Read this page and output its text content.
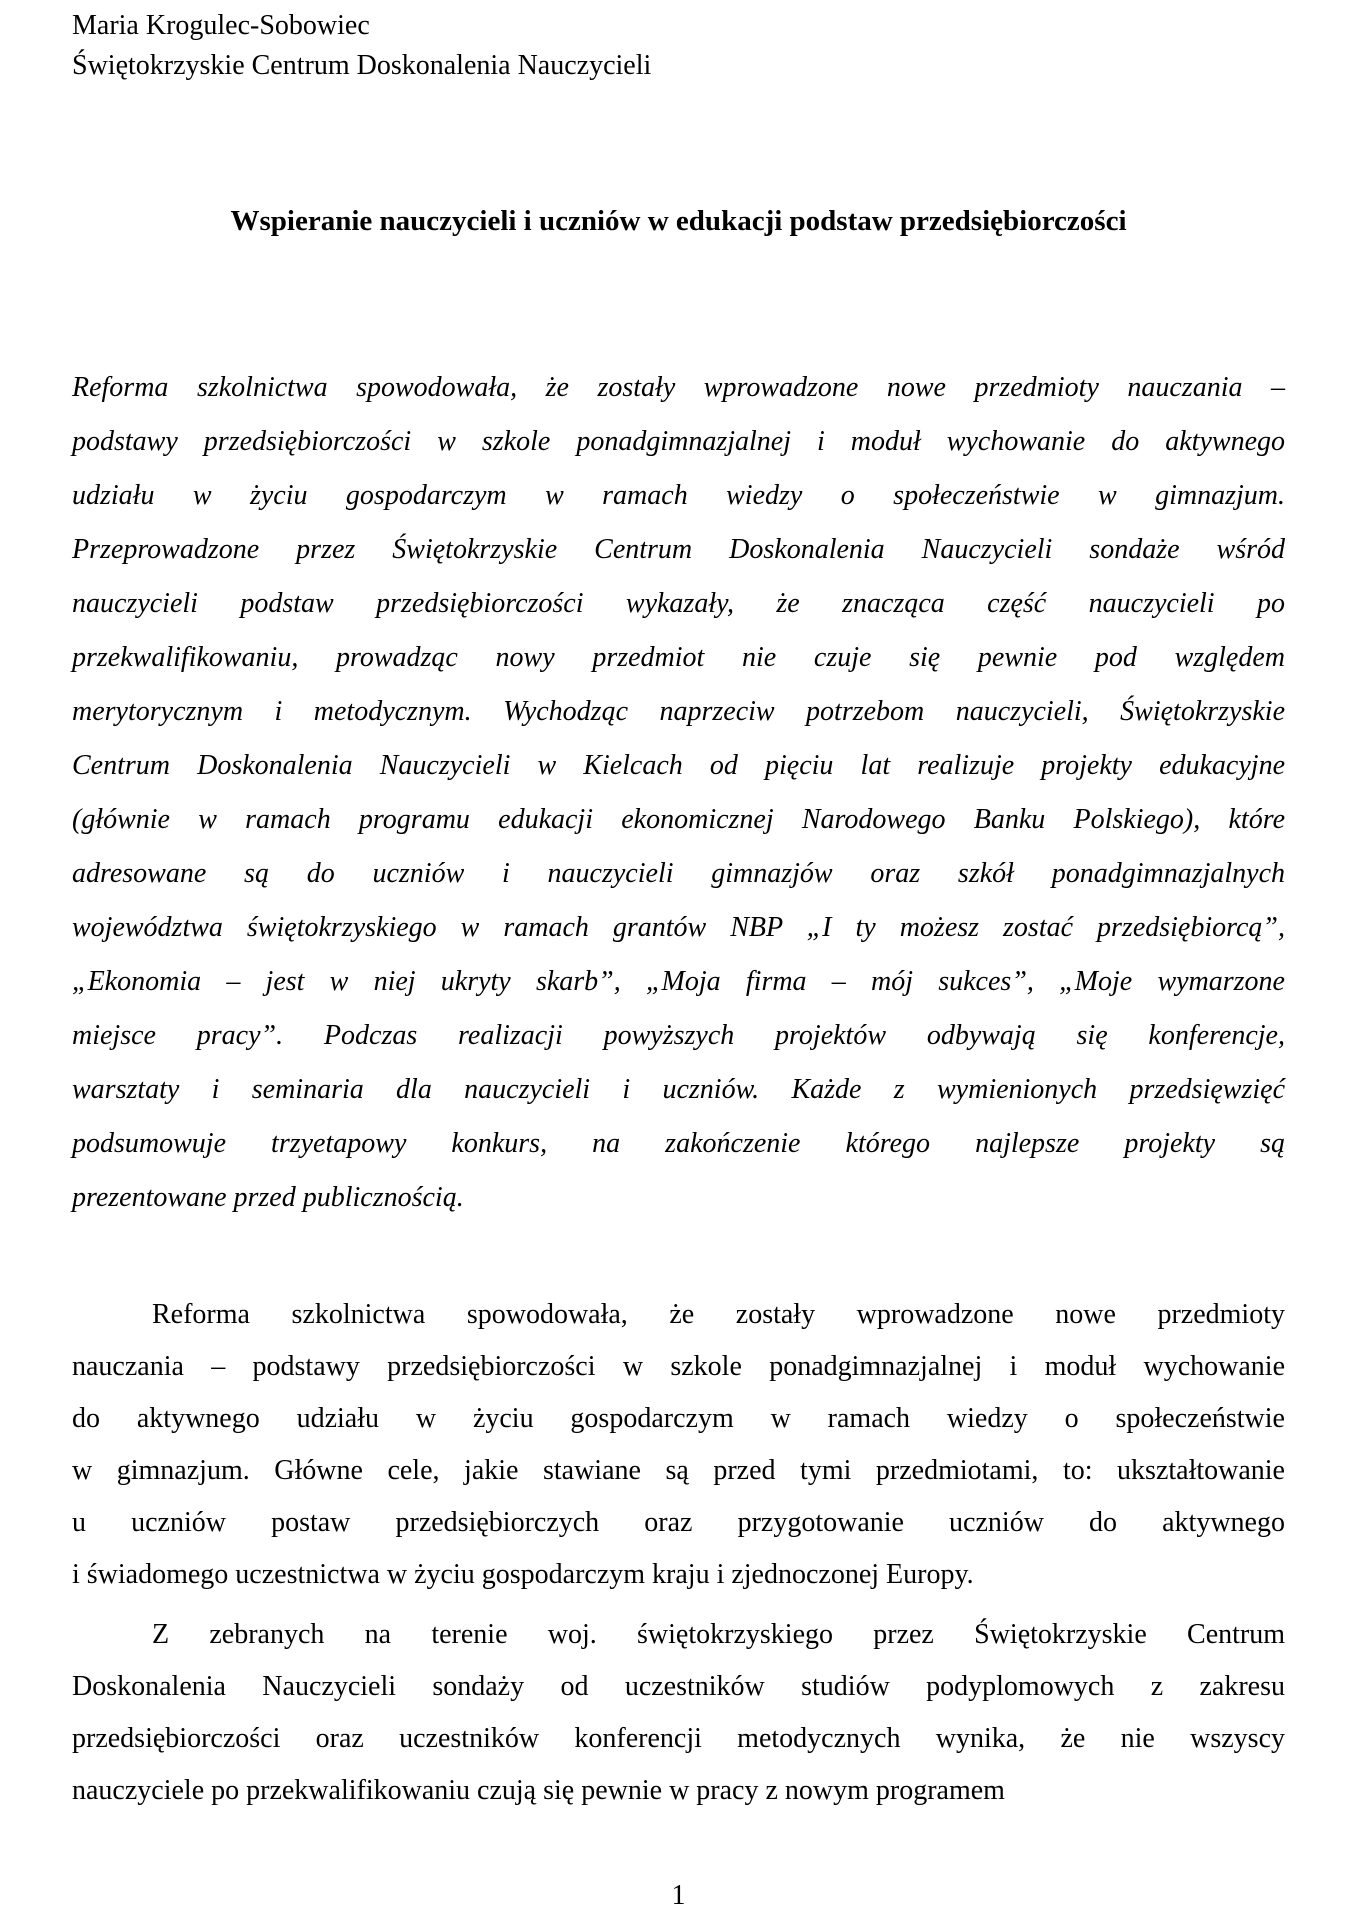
Maria Krogulec-Sobowiec
Świętokrzyskie Centrum Doskonalenia Nauczycieli
Wspieranie nauczycieli i uczniów w edukacji podstaw przedsiębiorczości
Reforma szkolnictwa spowodowała, że zostały wprowadzone nowe przedmioty nauczania –
podstawy przedsiębiorczości w szkole ponadgimnazjalnej i moduł wychowanie do aktywnego
udziału w życiu gospodarczym w ramach wiedzy o społeczeństwie w gimnazjum.
Przeprowadzone przez Świętokrzyskie Centrum Doskonalenia Nauczycieli sondaże wśród
nauczycieli podstaw przedsiębiorczości wykazały, że znacząca część nauczycieli po
przekwalifikowaniu, prowadząc nowy przedmiot nie czuje się pewnie pod względem
merytorycznym i metodycznym. Wychodząc naprzeciw potrzebom nauczycieli, Świętokrzyskie
Centrum Doskonalenia Nauczycieli w Kielcach od pięciu lat realizuje projekty edukacyjne
(głównie w ramach programu edukacji ekonomicznej Narodowego Banku Polskiego), które
adresowane są do uczniów i nauczycieli gimnazjów oraz szkół ponadgimnazjalnych
województwa świętokrzyskiego w ramach grantów NBP „I ty możesz zostać przedsiębiorcą”,
„Ekonomia – jest w niej ukryty skarb”, „Moja firma – mój sukces”, „Moje wymarzone
miejsce pracy”. Podczas realizacji powyższych projektów odbywają się konferencje,
warsztaty i seminaria dla nauczycieli i uczniów. Każde z wymienionych przedsięwzięć
podsumowuje trzyetapowy konkurs, na zakończenie którego najlepsze projekty są
prezentowane przed publicznością.
Reforma szkolnictwa spowodowała, że zostały wprowadzone nowe przedmioty
nauczania – podstawy przedsiębiorczości w szkole ponadgimnazjalnej i moduł wychowanie
do aktywnego udziału w życiu gospodarczym w ramach wiedzy o społeczeństwie
w gimnazjum. Główne cele, jakie stawiane są przed tymi przedmiotami, to: ukształtowanie
u uczniów postaw przedsiębiorczych oraz przygotowanie uczniów do aktywnego
i świadomego uczestnictwa w życiu gospodarczym kraju i zjednoczonej Europy.
Z zebranych na terenie woj. świętokrzyskiego przez Świętokrzyskie Centrum
Doskonalenia Nauczycieli sondaży od uczestników studiów podyplomowych z zakresu
przedsiębiorczości oraz uczestników konferencji metodycznych wynika, że nie wszyscy
nauczyciele po przekwalifikowaniu czują się pewnie w pracy z nowym programem
1
